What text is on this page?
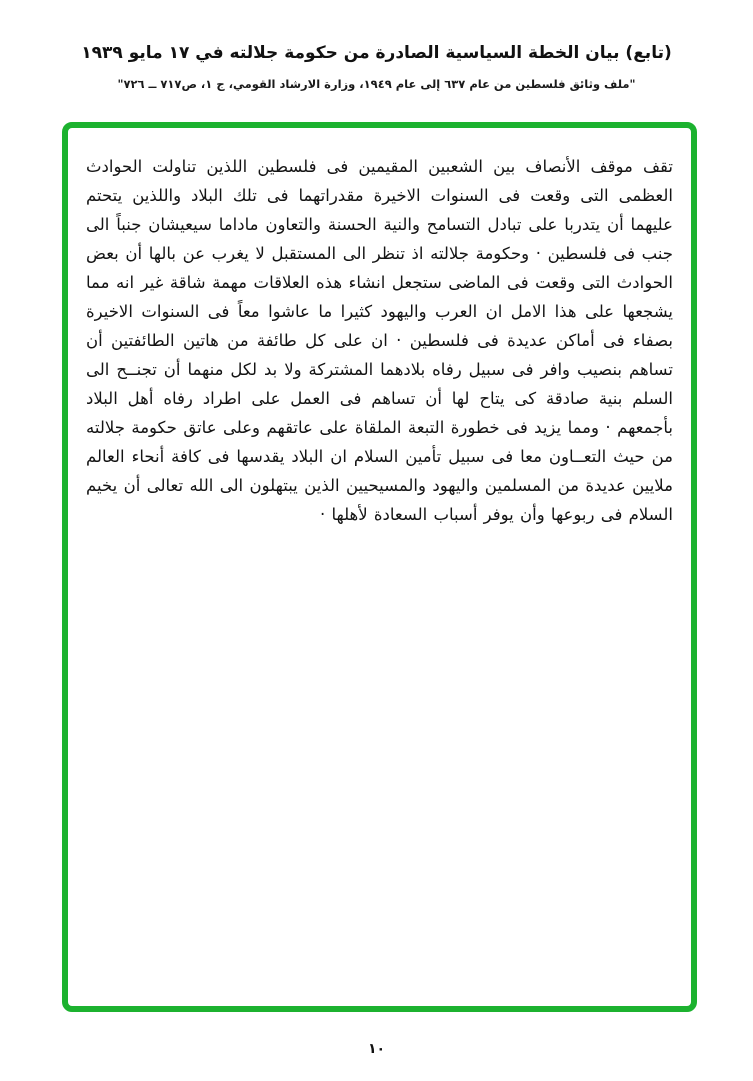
(تابع) بيان الخطة السياسية الصادرة من حكومة جلالته في ١٧ مايو ١٩٣٩
"ملف وثائق فلسطين من عام ٦٣٧ إلى عام ١٩٤٩، وزارة الارشاد القومي، ج ١، ص٧١٧ ــ ٧٢٦"

تقف موقف الأنصاف بين الشعبين المقيمين فى فلسطين اللذين تناولت الحوادث العظمى التى وقعت فى السنوات الاخيرة مقدراتهما فى تلك البلاد واللذين يتحتم عليهما أن يتدربا على تبادل التسامح والنية الحسنة والتعاون ماداما سيعيشان جنباً الى جنب فى فلسطين · وحكومة جلالته اذ تنظر الى المستقبل لا يغرب عن بالها أن بعض الحوادث التى وقعت فى الماضى ستجعل انشاء هذه العلاقات مهمة شاقة غير انه مما يشجعها على هذا الامل ان العرب واليهود كثيرا ما عاشوا معاً فى السنوات الاخيرة بصفاء فى أماكن عديدة فى فلسطين · ان على كل طائفة من هاتين الطائفتين أن تساهم بنصيب وافر فى سبيل رفاه بلادهما المشتركة ولا بد لكل منهما أن تجنــح الى السلم بنية صادقة كى يتاح لها أن تساهم فى العمل على اطراد رفاه أهل البلاد بأجمعهم · ومما يزيد فى خطورة التبعة الملقاة على عاتقهم وعلى عاتق حكومة جلالته من حيث التعــاون معا فى سبيل تأمين السلام ان البلاد يقدسها فى كافة أنحاء العالم ملايين عديدة من المسلمين واليهود والمسيحيين الذين يبتهلون الى الله تعالى أن يخيم السلام فى ربوعها وأن يوفر أسباب السعادة لأهلها ·

١٠
